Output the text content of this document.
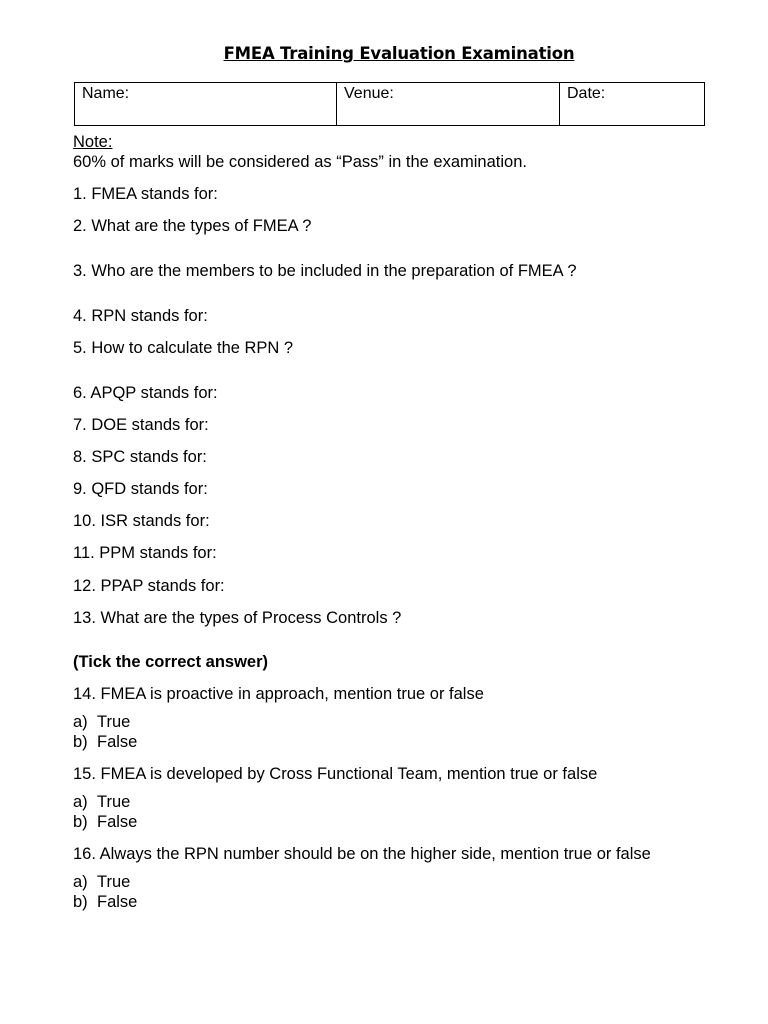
FMEA Training Evaluation Examination
Name:	Venue:	Date:
Note:
60% of marks will be considered as “Pass” in the examination.
1. FMEA stands for:
2. What are the types of FMEA ?
3. Who are the members to be included in the preparation of FMEA ?
4. RPN stands for:
5. How to calculate the RPN ?
6. APQP stands for:
7. DOE stands for:
8. SPC stands for:
9. QFD stands for:
10. ISR stands for:
11. PPM stands for:
12. PPAP stands for:
13. What are the types of Process Controls ?
(Tick the correct answer)
14. FMEA is proactive in approach, mention true or false
a) True
b) False
15. FMEA is developed by Cross Functional Team, mention true or false
a) True
b) False
16. Always the RPN number should be on the higher side, mention true or false
a) True
b) False
